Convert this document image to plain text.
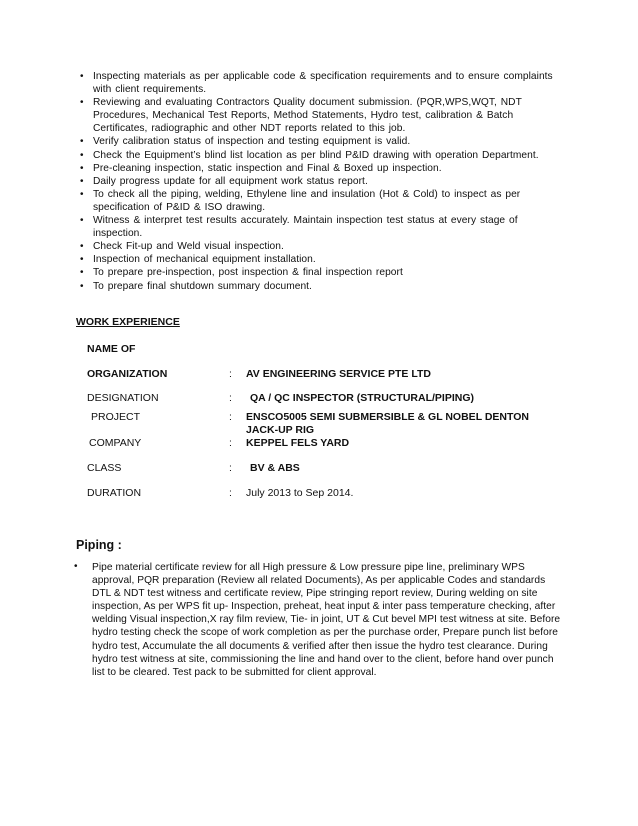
• Inspecting materials as per applicable code & specification requirements and to ensure complaints with client requirements.
• Reviewing and evaluating Contractors Quality document submission. (PQR,WPS,WQT, NDT Procedures, Mechanical Test Reports, Method Statements, Hydro test, calibration & Batch Certificates, radiographic and other NDT reports related to this job.
• Verify calibration status of inspection and testing equipment is valid.
• Check the Equipment’s blind list location as per blind P&ID drawing with operation Department.
• Pre-cleaning inspection, static inspection and Final & Boxed up inspection.
• Daily progress update for all equipment work status report.
• To check all the piping, welding, Ethylene line and insulation (Hot & Cold) to inspect as per specification of P&ID & ISO drawing.
• Witness & interpret test results accurately. Maintain inspection test status at every stage of inspection.
• Check Fit-up and Weld visual inspection.
• Inspection of mechanical equipment installation.
• To prepare pre-inspection, post inspection & final inspection report
• To prepare final shutdown summary document.
WORK EXPERIENCE
NAME OF
ORGANIZATION	: AV ENGINEERING SERVICE PTE LTD
DESIGNATION	: QA / QC INSPECTOR (STRUCTURAL/PIPING)
PROJECT	: ENSCO5005 SEMI SUBMERSIBLE & GL NOBEL DENTON JACK-UP RIG
COMPANY	: KEPPEL FELS YARD
CLASS	: BV & ABS
DURATION	: July 2013 to Sep 2014.
Piping :
• Pipe material certificate review for all High pressure & Low pressure pipe line, preliminary WPS approval, PQR preparation (Review all related Documents), As per applicable Codes and standards DTL & NDT test witness and certificate review, Pipe stringing report review, During welding on site inspection, As per WPS fit up- Inspection, preheat, heat input & inter pass temperature checking, after welding Visual inspection,X ray film review, Tie- in joint, UT & Cut bevel MPI test witness at site. Before hydro testing check the scope of work completion as per the purchase order, Prepare punch list before hydro test, Accumulate the all documents & verified after then issue the hydro test clearance. During hydro test witness at site, commissioning the line and hand over to the client, before hand over punch list to be cleared. Test pack to be submitted for client approval.
